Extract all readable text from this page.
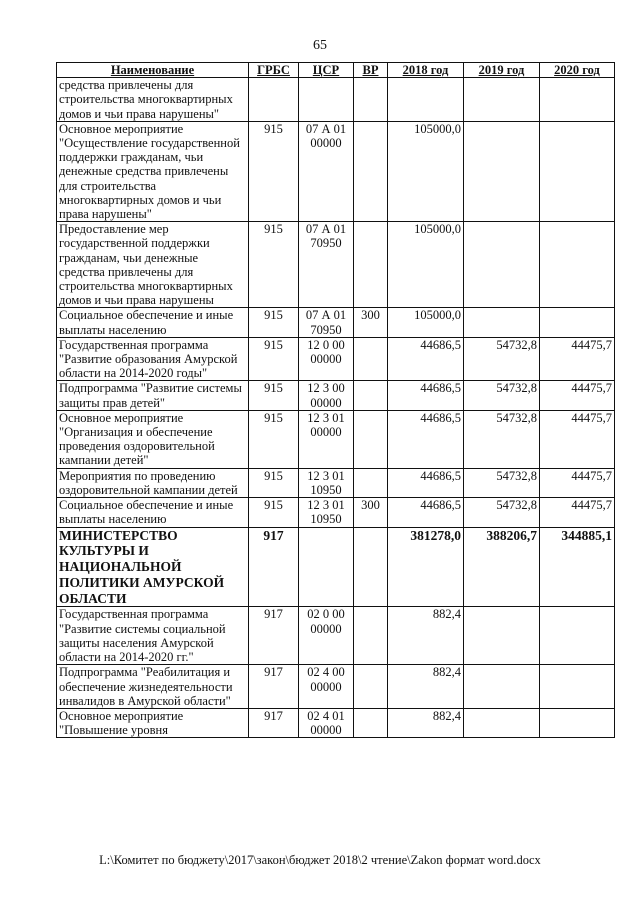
65
Наименование	ГРБС	ЦСР	ВР	2018 год	2019 год	2020 год
средства привлечены для строительства многоквартирных домов и чьи права нарушены"						
Основное мероприятие "Осуществление государственной поддержки гражданам, чьи денежные средства привлечены для строительства многоквартирных домов и чьи права нарушены"	915	07 А 01 00000		105000,0		
Предоставление мер государственной поддержки гражданам, чьи денежные средства привлечены для строительства многоквартирных домов и чьи права нарушены	915	07 А 01 70950		105000,0		
Социальное обеспечение и иные выплаты населению	915	07 А 01 70950	300	105000,0		
Государственная программа "Развитие образования Амурской области на 2014-2020 годы"	915	12 0 00 00000		44686,5	54732,8	44475,7
Подпрограмма "Развитие системы защиты прав детей"	915	12 3 00 00000		44686,5	54732,8	44475,7
Основное мероприятие "Организация и обеспечение проведения оздоровительной кампании детей"	915	12 3 01 00000		44686,5	54732,8	44475,7
Мероприятия по проведению оздоровительной кампании детей	915	12 3 01 10950		44686,5	54732,8	44475,7
Социальное обеспечение и иные выплаты населению	915	12 3 01 10950	300	44686,5	54732,8	44475,7
МИНИСТЕРСТВО КУЛЬТУРЫ И НАЦИОНАЛЬНОЙ ПОЛИТИКИ АМУРСКОЙ ОБЛАСТИ	917			381278,0	388206,7	344885,1
Государственная программа "Развитие системы социальной защиты населения Амурской области на 2014-2020 гг."	917	02 0 00 00000		882,4		
Подпрограмма "Реабилитация и обеспечение жизнедеятельности инвалидов в Амурской области"	917	02 4 00 00000		882,4		
Основное мероприятие "Повышение уровня	917	02 4 01 00000		882,4		
L:\Комитет по бюджету\2017\закон\бюджет 2018\2 чтение\Zakon формат word.docx
